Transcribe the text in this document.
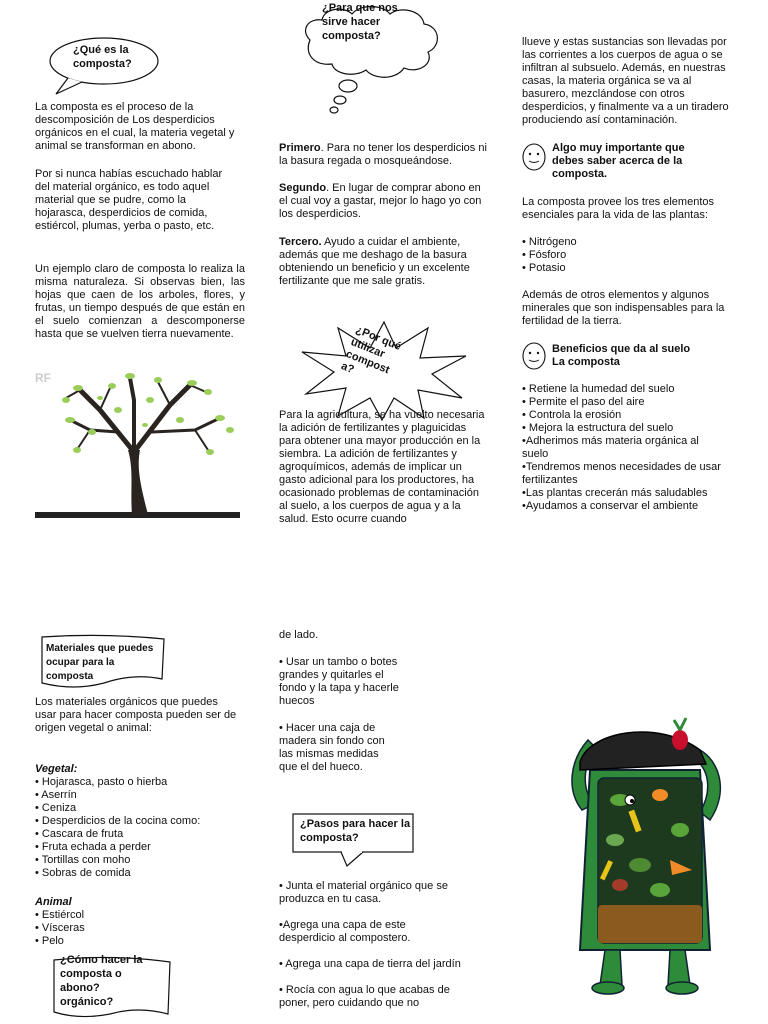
¿Qué es la composta?

La composta es el proceso de la descomposición de Los desperdicios orgánicos en el cual, la materia vegetal y animal se transforman en abono.

Por si nunca habías escuchado hablar del material orgánico, es todo aquel material que se pudre, como la hojarasca, desperdicios de comida, estiércol, plumas, yerba o pasto, etc.

Un ejemplo claro de composta lo realiza la misma naturaleza. Si observas bien, las hojas que caen de los arboles, flores, y frutas, un tiempo después de que están en el suelo comienzan a descomponerse hasta que se vuelven tierra nuevamente.

RF
¿Para que nos sirve hacer composta?

Primero. Para no tener los desperdicios ni la basura regada o mosqueándose.

Segundo. En lugar de comprar abono en el cual voy a gastar, mejor lo hago yo con los desperdicios.

Tercero. Ayudo a cuidar el ambiente, además que me deshago de la basura obteniendo un beneficio y un excelente fertilizante que me sale gratis.

¿Por qué utilizar compost a?

Para la agricultura, se ha vuelto necesaria la adición de fertilizantes y plaguicidas para obtener una mayor producción en la siembra. La adición de fertilizantes y agroquímicos, además de implicar un gasto adicional para los productores, ha ocasionado problemas de contaminación al suelo, a los cuerpos de agua y a la salud. Esto ocurre cuando

llueve y estas sustancias son llevadas por las corrientes a los cuerpos de agua o se infiltran al subsuelo. Además, en nuestras casas, la materia orgánica se va al basurero, mezclándose con otros desperdicios, y finalmente va a un tiradero produciendo así contaminación.

Algo muy importante que debes saber acerca de la composta.

La composta provee los tres elementos esenciales para la vida de las plantas:

• Nitrógeno
• Fósforo
• Potasio

Además de otros elementos y algunos minerales que son indispensables para la fertilidad de la tierra.

Beneficios que da al suelo

La composta

• Retiene la humedad del suelo
• Permite el paso del aire
• Controla la erosión
• Mejora la estructura del suelo
•Adherimos más materia orgánica al suelo
•Tendremos menos necesidades de usar fertilizantes
•Las plantas crecerán más saludables
•Ayudamos a conservar el ambiente
Materiales que puedes ocupar para la composta

Los materiales orgánicos que puedes usar para hacer composta pueden ser de origen vegetal o animal:

Vegetal:

• Hojarasca, pasto o hierba
• Aserrín
• Ceniza
• Desperdicios de la cocina como:
• Cascara de fruta
• Fruta echada a perder
• Tortillas con moho
• Sobras de comida

Animal

• Estiércol
• Vísceras
• Pelo
¿Cómo hacer la composta o abono? orgánico?

de lado.

• Usar un tambo o botes grandes y quitarles el fondo y la tapa y hacerle huecos

• Hacer una caja de madera sin fondo con las mismas medidas que el del hueco.

¿Pasos para hacer la composta?
• Junta el material orgánico que se produzca en tu casa.
•Agrega una capa de este desperdicio al compostero.
• Agrega una capa de tierra del jardín
• Rocía con agua lo que acabas de poner, pero cuidando que no
